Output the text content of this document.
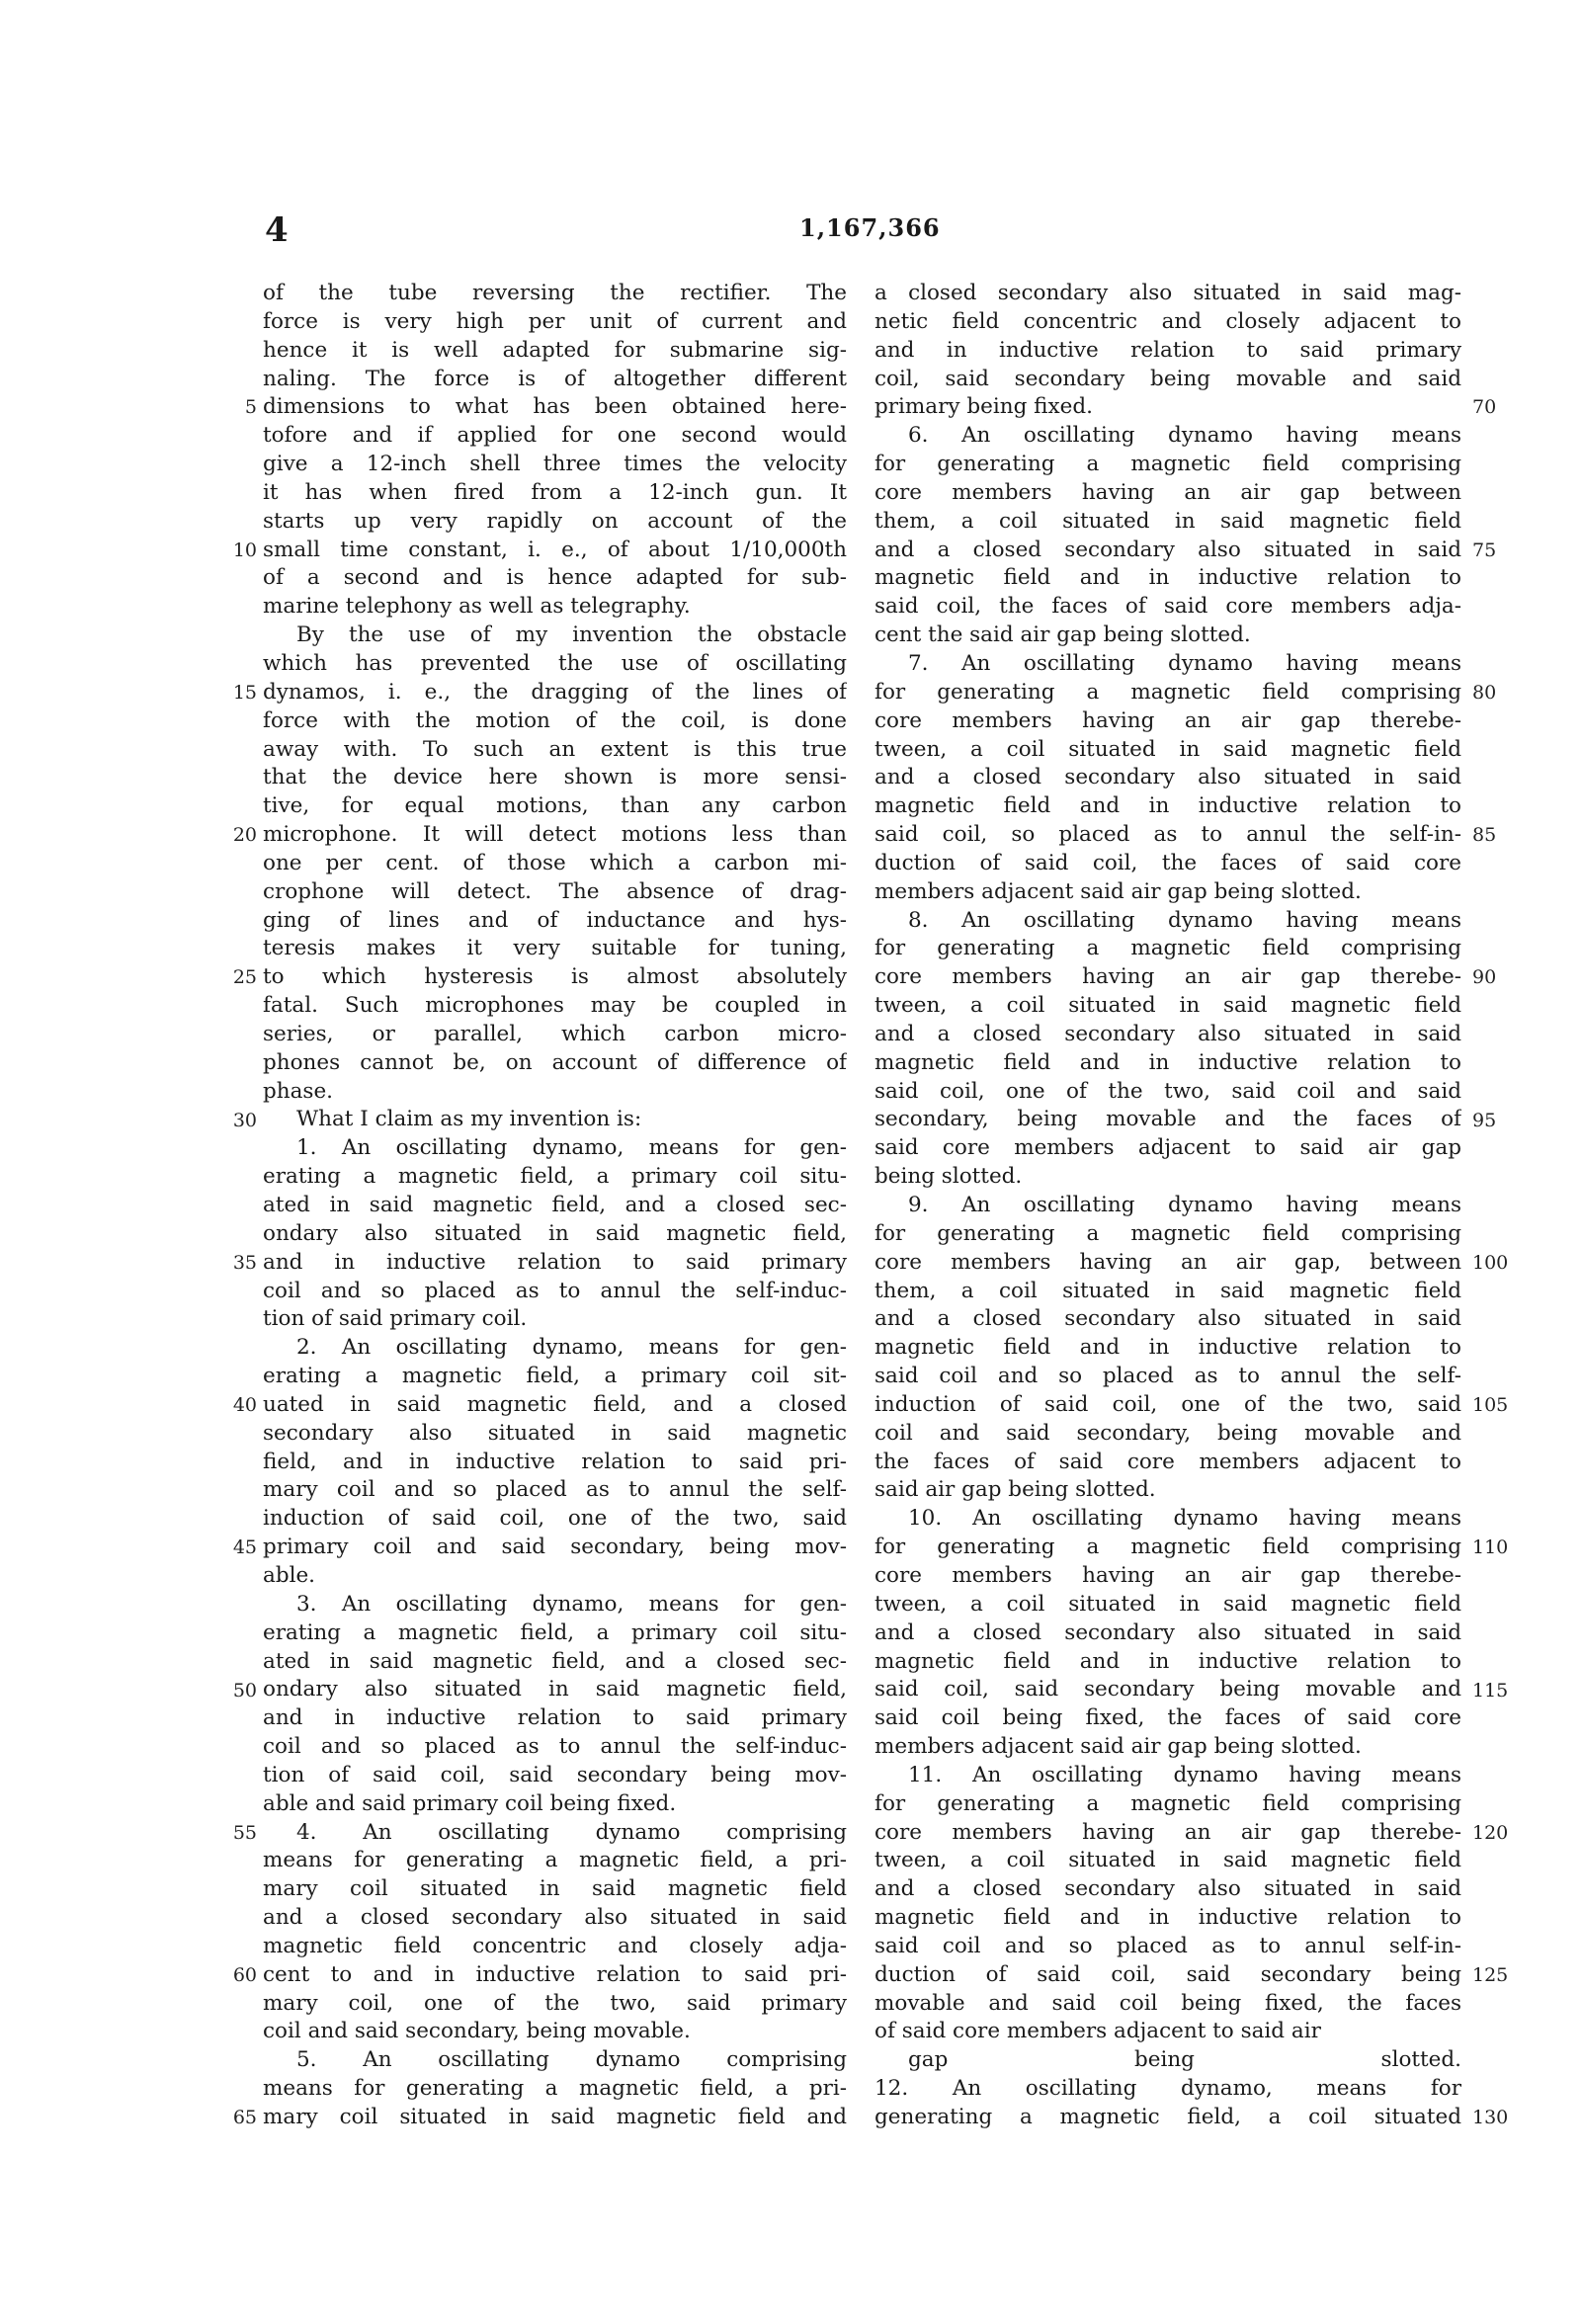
4	1,167,366
of the tube reversing the rectifier. The
force is very high per unit of current and
hence it is well adapted for submarine sig-
naling. The force is of altogether different
dimensions to what has been obtained here-
tofore and if applied for one second would
give a 12-inch shell three times the velocity
it has when fired from a 12-inch gun. It
starts up very rapidly on account of the
small time constant, i. e., of about 1/10,000th
of a second and is hence adapted for sub-
marine telephony as well as telegraphy.
By the use of my invention the obstacle
which has prevented the use of oscillating
dynamos, i. e., the dragging of the lines of
force with the motion of the coil, is done
away with. To such an extent is this true
that the device here shown is more sensi-
tive, for equal motions, than any carbon
microphone. It will detect motions less than
one per cent. of those which a carbon mi-
crophone will detect. The absence of drag-
ging of lines and of inductance and hys-
teresis makes it very suitable for tuning,
to which hysteresis is almost absolutely
fatal. Such microphones may be coupled in
series, or parallel, which carbon micro-
phones cannot be, on account of difference of
phase.
What I claim as my invention is:
1. An oscillating dynamo, means for gen-
erating a magnetic field, a primary coil situ-
ated in said magnetic field, and a closed sec-
ondary also situated in said magnetic field,
and in inductive relation to said primary
coil and so placed as to annul the self-induc-
tion of said primary coil.
2. An oscillating dynamo, means for gen-
erating a magnetic field, a primary coil sit-
uated in said magnetic field, and a closed
secondary also situated in said magnetic
field, and in inductive relation to said pri-
mary coil and so placed as to annul the self-
induction of said coil, one of the two, said
primary coil and said secondary, being mov-
able.
3. An oscillating dynamo, means for gen-
erating a magnetic field, a primary coil situ-
ated in said magnetic field, and a closed sec-
ondary also situated in said magnetic field,
and in inductive relation to said primary
coil and so placed as to annul the self-induc-
tion of said coil, said secondary being mov-
able and said primary coil being fixed.
4. An oscillating dynamo comprising
means for generating a magnetic field, a pri-
mary coil situated in said magnetic field
and a closed secondary also situated in said
magnetic field concentric and closely adja-
cent to and in inductive relation to said pri-
mary coil, one of the two, said primary
coil and said secondary, being movable.
5. An oscillating dynamo comprising
means for generating a magnetic field, a pri-
mary coil situated in said magnetic field and
a closed secondary also situated in said mag-
netic field concentric and closely adjacent to
and in inductive relation to said primary
coil, said secondary being movable and said
primary being fixed.
6. An oscillating dynamo having means
for generating a magnetic field comprising
core members having an air gap between
them, a coil situated in said magnetic field
and a closed secondary also situated in said
magnetic field and in inductive relation to
said coil, the faces of said core members adja-
cent the said air gap being slotted.
7. An oscillating dynamo having means
for generating a magnetic field comprising
core members having an air gap therebe-
tween, a coil situated in said magnetic field
and a closed secondary also situated in said
magnetic field and in inductive relation to
said coil, so placed as to annul the self-in-
duction of said coil, the faces of said core
members adjacent said air gap being slotted.
8. An oscillating dynamo having means
for generating a magnetic field comprising
core members having an air gap therebe-
tween, a coil situated in said magnetic field
and a closed secondary also situated in said
magnetic field and in inductive relation to
said coil, one of the two, said coil and said
secondary, being movable and the faces of
said core members adjacent to said air gap
being slotted.
9. An oscillating dynamo having means
for generating a magnetic field comprising
core members having an air gap, between
them, a coil situated in said magnetic field
and a closed secondary also situated in said
magnetic field and in inductive relation to
said coil and so placed as to annul the self-
induction of said coil, one of the two, said
coil and said secondary, being movable and
the faces of said core members adjacent to
said air gap being slotted.
10. An oscillating dynamo having means
for generating a magnetic field comprising
core members having an air gap therebe-
tween, a coil situated in said magnetic field
and a closed secondary also situated in said
magnetic field and in inductive relation to
said coil, said secondary being movable and
said coil being fixed, the faces of said core
members adjacent said air gap being slotted.
11. An oscillating dynamo having means
for generating a magnetic field comprising
core members having an air gap therebe-
tween, a coil situated in said magnetic field
and a closed secondary also situated in said
magnetic field and in inductive relation to
said coil and so placed as to annul self-in-
duction of said coil, said secondary being
movable and said coil being fixed, the faces
of said core members adjacent to said air
gap being slotted.
12. An oscillating dynamo, means for
generating a magnetic field, a coil situated
5
10
15
20
25
30
35
40
45
50
55
60
65
70
75
80
85
90
95
100
105
110
115
120
125
130
